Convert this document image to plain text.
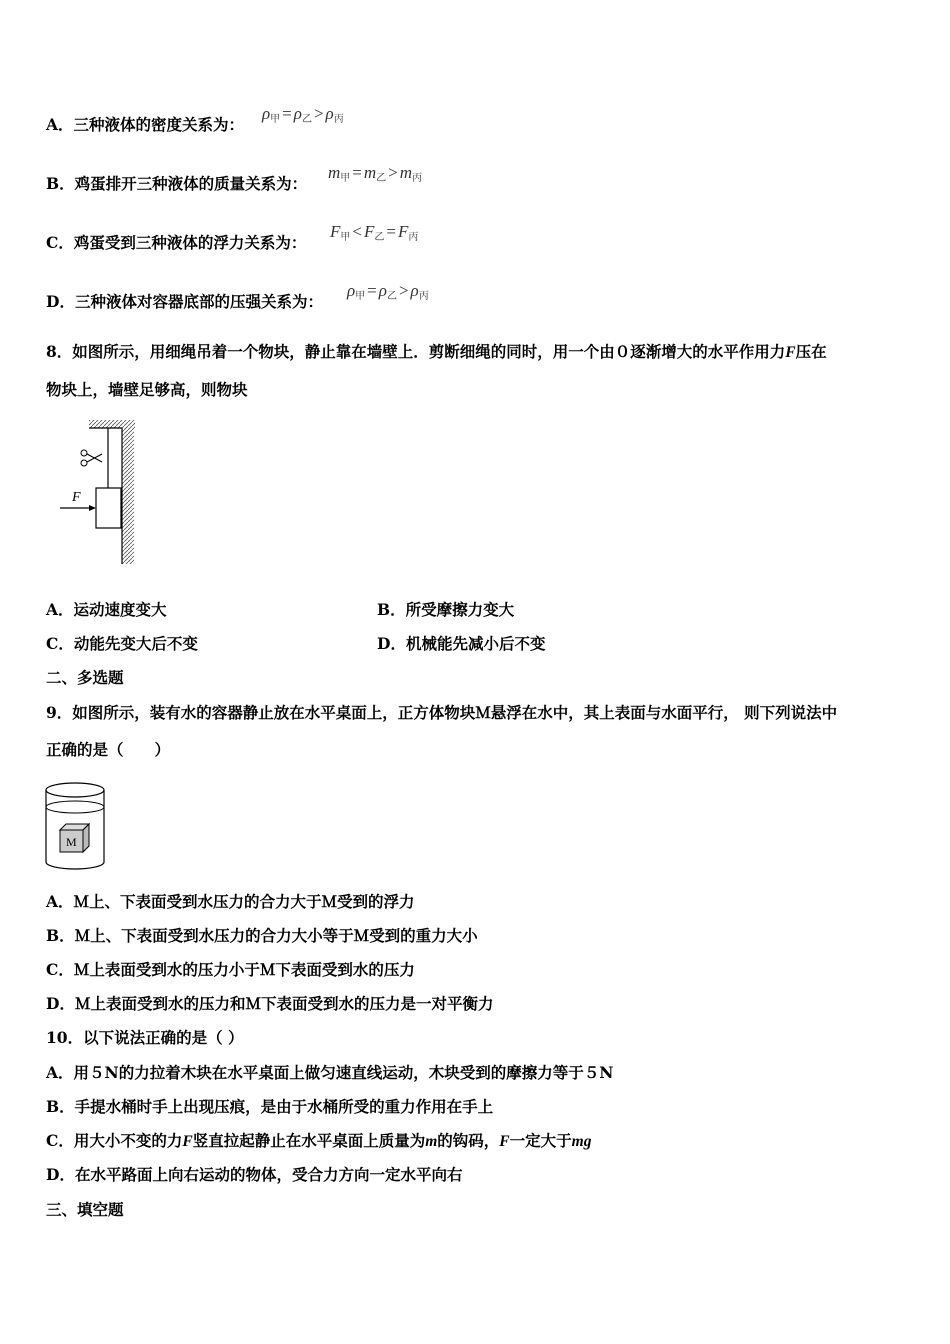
A．三种液体的密度关系为：
$\rho_甲 = \rho_乙 > \rho_丙$
B．鸡蛋排开三种液体的质量关系为：
$m_甲 = m_乙 > m_丙$
C．鸡蛋受到三种液体的浮力关系为：
$F_甲 < F_乙 = F_丙$
D．三种液体对容器底部的压强关系为：
$\rho_甲 = \rho_乙 > \rho_丙$
8．如图所示，用细绳吊着一个物块，静止靠在墙壁上．剪断细绳的同时，用一个由０逐渐增大的水平作用力F压在
物块上，墙壁足够高，则物块
F
A．运动速度变大	B．所受摩擦力变大
C．动能先变大后不变	D．机械能先减小后不变
二、多选题
9．如图所示，装有水的容器静止放在水平桌面上，正方体物块Ｍ悬浮在水中，其上表面与水面平行， 则下列说法中
正确的是（　　）
M
A．Ｍ上、下表面受到水压力的合力大于Ｍ受到的浮力
B．Ｍ上、下表面受到水压力的合力大小等于Ｍ受到的重力大小
C．Ｍ上表面受到水的压力小于Ｍ下表面受到水的压力
D．Ｍ上表面受到水的压力和Ｍ下表面受到水的压力是一对平衡力
10．以下说法正确的是（ ）
A．用５N的力拉着木块在水平桌面上做匀速直线运动，木块受到的摩擦力等于５N
B．手提水桶时手上出现压痕，是由于水桶所受的重力作用在手上
C．用大小不变的力F竖直拉起静止在水平桌面上质量为m的钩码，F一定大于mg
D．在水平路面上向右运动的物体，受合力方向一定水平向右
三、填空题
